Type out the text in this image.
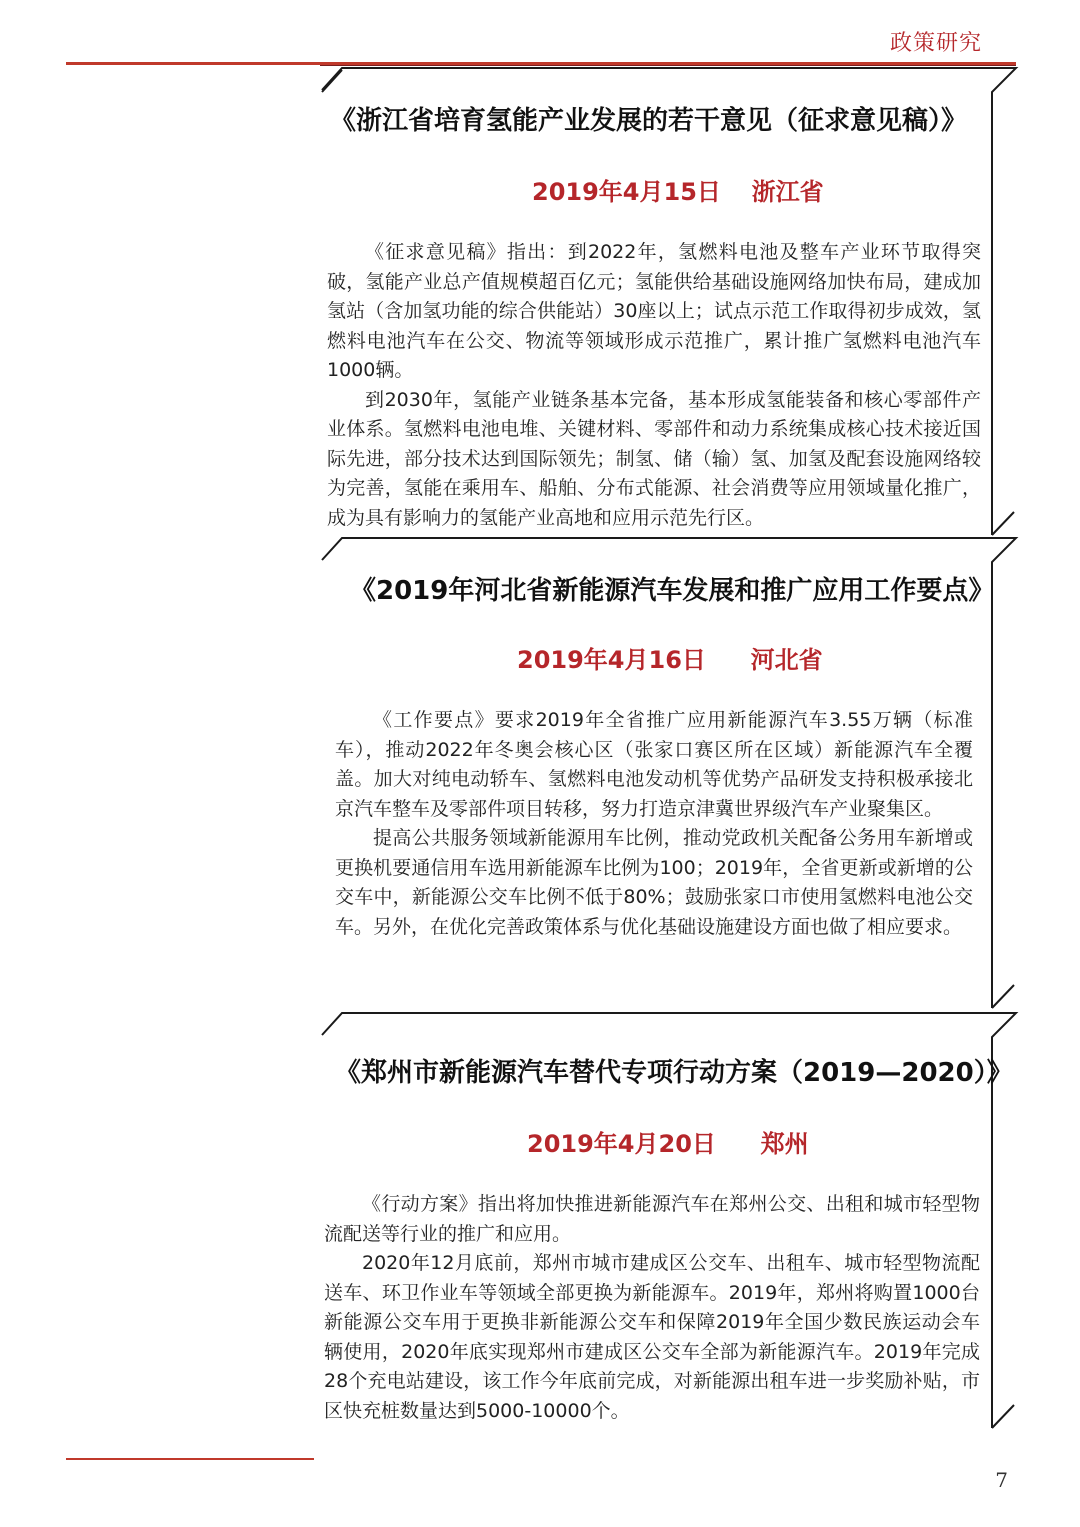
政策研究
《浙江省培育氢能产业发展的若干意见（征求意见稿）》
2019年4月15日 浙江省

《征求意见稿》指出：到2022年，氢燃料电池及整车产业环节取得突破，氢能产业总产值规模超百亿元；氢能供给基础设施网络加快布局，建成加氢站（含加氢功能的综合供能站）30座以上；试点示范工作取得初步成效，氢燃料电池汽车在公交、物流等领域形成示范推广，累计推广氢燃料电池汽车1000辆。

到2030年，氢能产业链条基本完备，基本形成氢能装备和核心零部件产业体系。氢燃料电池电堆、关键材料、零部件和动力系统集成核心技术接近国际先进，部分技术达到国际领先；制氢、储（输）氢、加氢及配套设施网络较为完善，氢能在乘用车、船舶、分布式能源、社会消费等应用领域量化推广，成为具有影响力的氢能产业高地和应用示范先行区。

《2019年河北省新能源汽车发展和推广应用工作要点》
2019年4月16日 河北省

《工作要点》要求2019年全省推广应用新能源汽车3.55万辆（标准车），推动2022年冬奥会核心区（张家口赛区所在区域）新能源汽车全覆盖。加大对纯电动轿车、氢燃料电池发动机等优势产品研发支持积极承接北京汽车整车及零部件项目转移，努力打造京津冀世界级汽车产业聚集区。

提高公共服务领域新能源用车比例，推动党政机关配备公务用车新增或更换机要通信用车选用新能源车比例为100；2019年，全省更新或新增的公交车中，新能源公交车比例不低于80%；鼓励张家口市使用氢燃料电池公交车。另外，在优化完善政策体系与优化基础设施建设方面也做了相应要求。

《郑州市新能源汽车替代专项行动方案（2019—2020）》
2019年4月20日 郑州

《行动方案》指出将加快推进新能源汽车在郑州公交、出租和城市轻型物流配送等行业的推广和应用。

2020年12月底前，郑州市城市建成区公交车、出租车、城市轻型物流配送车、环卫作业车等领域全部更换为新能源车。2019年，郑州将购置1000台新能源公交车用于更换非新能源公交车和保障2019年全国少数民族运动会车辆使用，2020年底实现郑州市建成区公交车全部为新能源汽车。2019年完成28个充电站建设，该工作今年底前完成，对新能源出租车进一步奖励补贴，市区快充桩数量达到5000-10000个。

7
